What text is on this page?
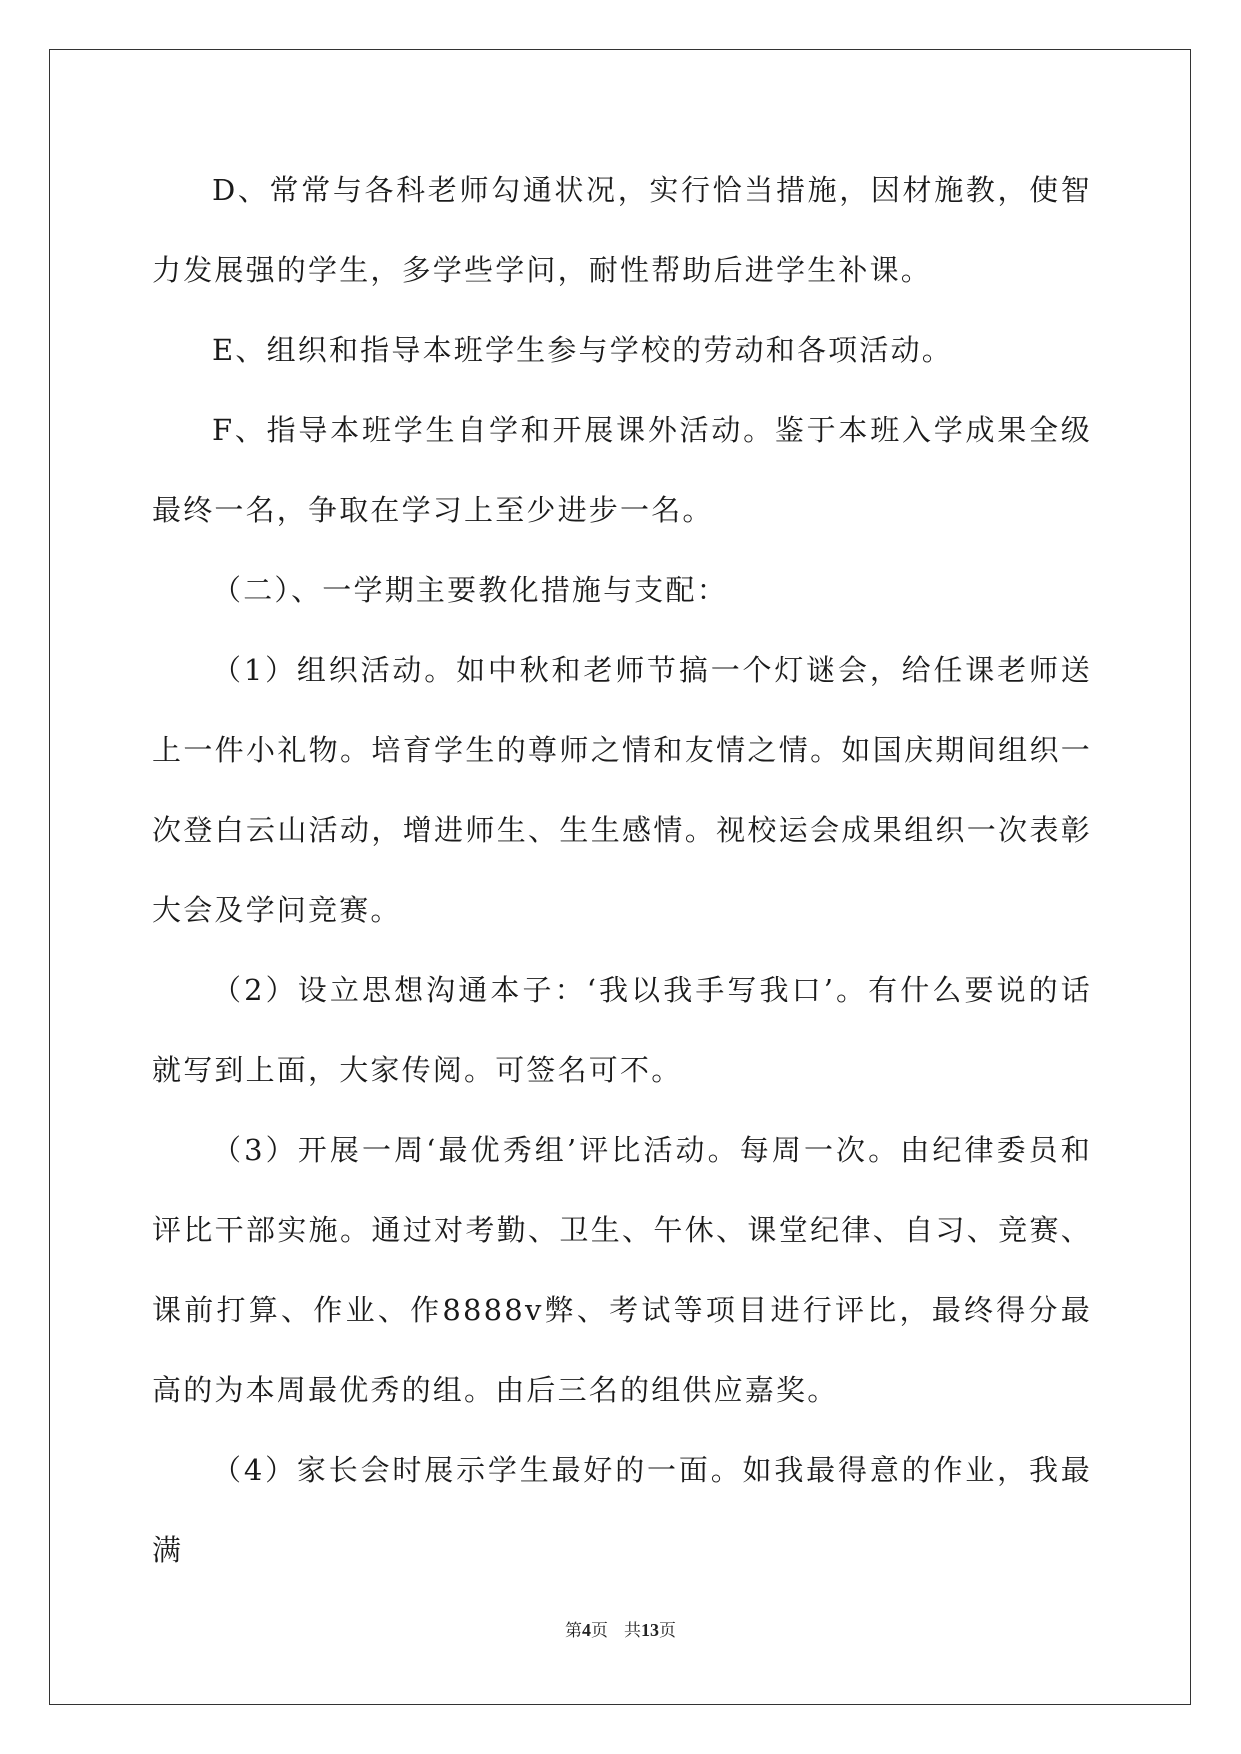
D、常常与各科老师勾通状况，实行恰当措施，因材施教，使智力发展强的学生，多学些学问，耐性帮助后进学生补课。

E、组织和指导本班学生参与学校的劳动和各项活动。

F、指导本班学生自学和开展课外活动。鉴于本班入学成果全级最终一名，争取在学习上至少进步一名。

（二）、一学期主要教化措施与支配：

（1）组织活动。如中秋和老师节搞一个灯谜会，给任课老师送上一件小礼物。培育学生的尊师之情和友情之情。如国庆期间组织一次登白云山活动，增进师生、生生感情。视校运会成果组织一次表彰大会及学问竞赛。

（2）设立思想沟通本子：‘我以我手写我口’。有什么要说的话就写到上面，大家传阅。可签名可不。

（3）开展一周‘最优秀组’评比活动。每周一次。由纪律委员和评比干部实施。通过对考勤、卫生、午休、课堂纪律、自习、竞赛、课前打算、作业、作8888v弊、考试等项目进行评比，最终得分最高的为本周最优秀的组。由后三名的组供应嘉奖。

（4）家长会时展示学生最好的一面。如我最得意的作业，我最满

第4页 共13页
